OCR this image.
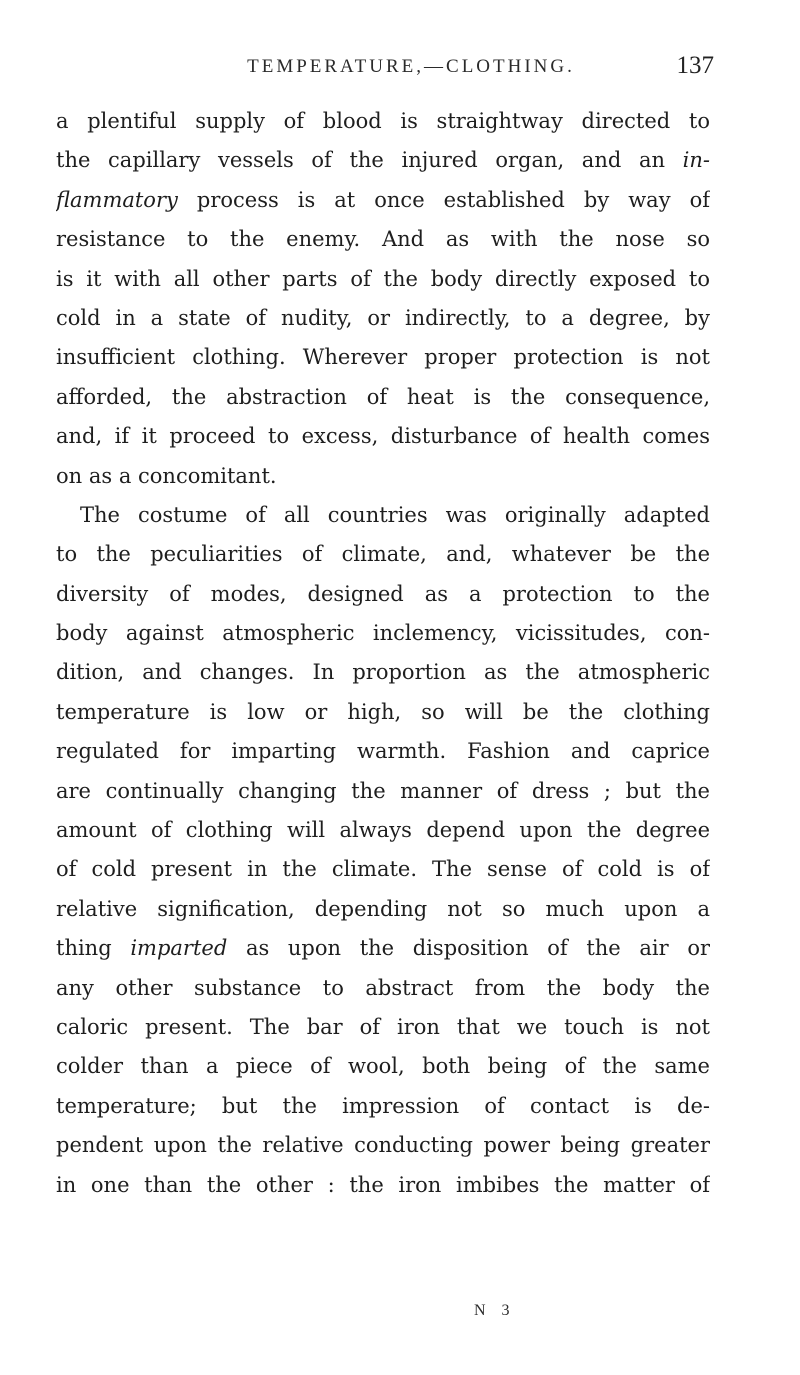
TEMPERATURE,—CLOTHING.	137
a plentiful supply of blood is straightway directed to
the capillary vessels of the injured organ, and an in-
flammatory process is at once established by way of
resistance to the enemy. And as with the nose so
is it with all other parts of the body directly exposed to
cold in a state of nudity, or indirectly, to a degree, by
insufficient clothing. Wherever proper protection is not
afforded, the abstraction of heat is the consequence,
and, if it proceed to excess, disturbance of health comes
on as a concomitant.
The costume of all countries was originally adapted
to the peculiarities of climate, and, whatever be the
diversity of modes, designed as a protection to the
body against atmospheric inclemency, vicissitudes, con-
dition, and changes. In proportion as the atmospheric
temperature is low or high, so will be the clothing
regulated for imparting warmth. Fashion and caprice
are continually changing the manner of dress ; but the
amount of clothing will always depend upon the degree
of cold present in the climate. The sense of cold is of
relative signification, depending not so much upon a
thing imparted as upon the disposition of the air or
any other substance to abstract from the body the
caloric present. The bar of iron that we touch is not
colder than a piece of wool, both being of the same
temperature; but the impression of contact is de-
pendent upon the relative conducting power being greater
in one than the other : the iron imbibes the matter of
N 3
